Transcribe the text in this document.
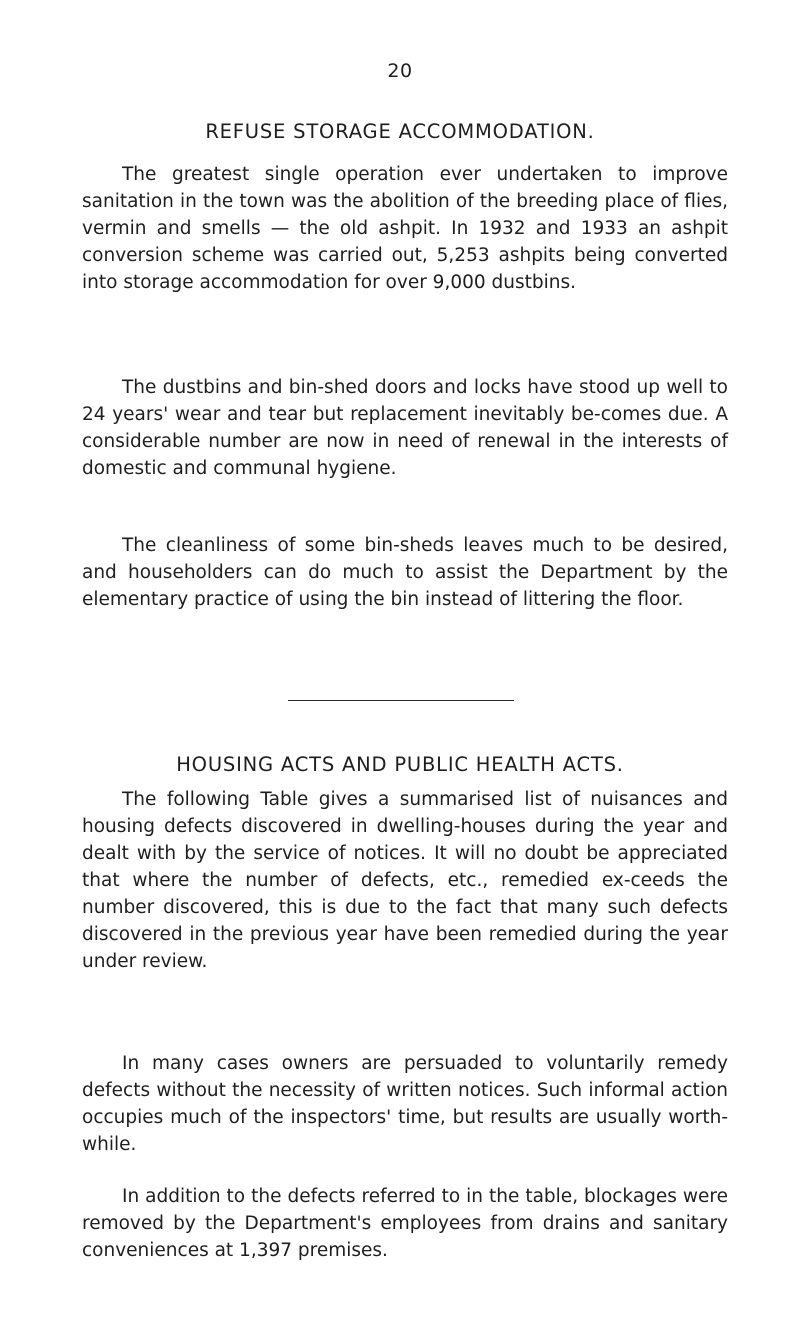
20
REFUSE STORAGE ACCOMMODATION.

The greatest single operation ever undertaken to improve sanitation in the town was the abolition of the breeding place of flies, vermin and smells — the old ashpit. In 1932 and 1933 an ashpit conversion scheme was carried out, 5,253 ashpits being converted into storage accommodation for over 9,000 dustbins.

The dustbins and bin-shed doors and locks have stood up well to 24 years' wear and tear but replacement inevitably be-comes due. A considerable number are now in need of renewal in the interests of domestic and communal hygiene.

The cleanliness of some bin-sheds leaves much to be desired, and householders can do much to assist the Department by the elementary practice of using the bin instead of littering the floor.

HOUSING ACTS AND PUBLIC HEALTH ACTS.

The following Table gives a summarised list of nuisances and housing defects discovered in dwelling-houses during the year and dealt with by the service of notices. It will no doubt be appreciated that where the number of defects, etc., remedied ex-ceeds the number discovered, this is due to the fact that many such defects discovered in the previous year have been remedied during the year under review.

In many cases owners are persuaded to voluntarily remedy defects without the necessity of written notices. Such informal action occupies much of the inspectors' time, but results are usually worth-while.

In addition to the defects referred to in the table, blockages were removed by the Department's employees from drains and sanitary conveniences at 1,397 premises.
